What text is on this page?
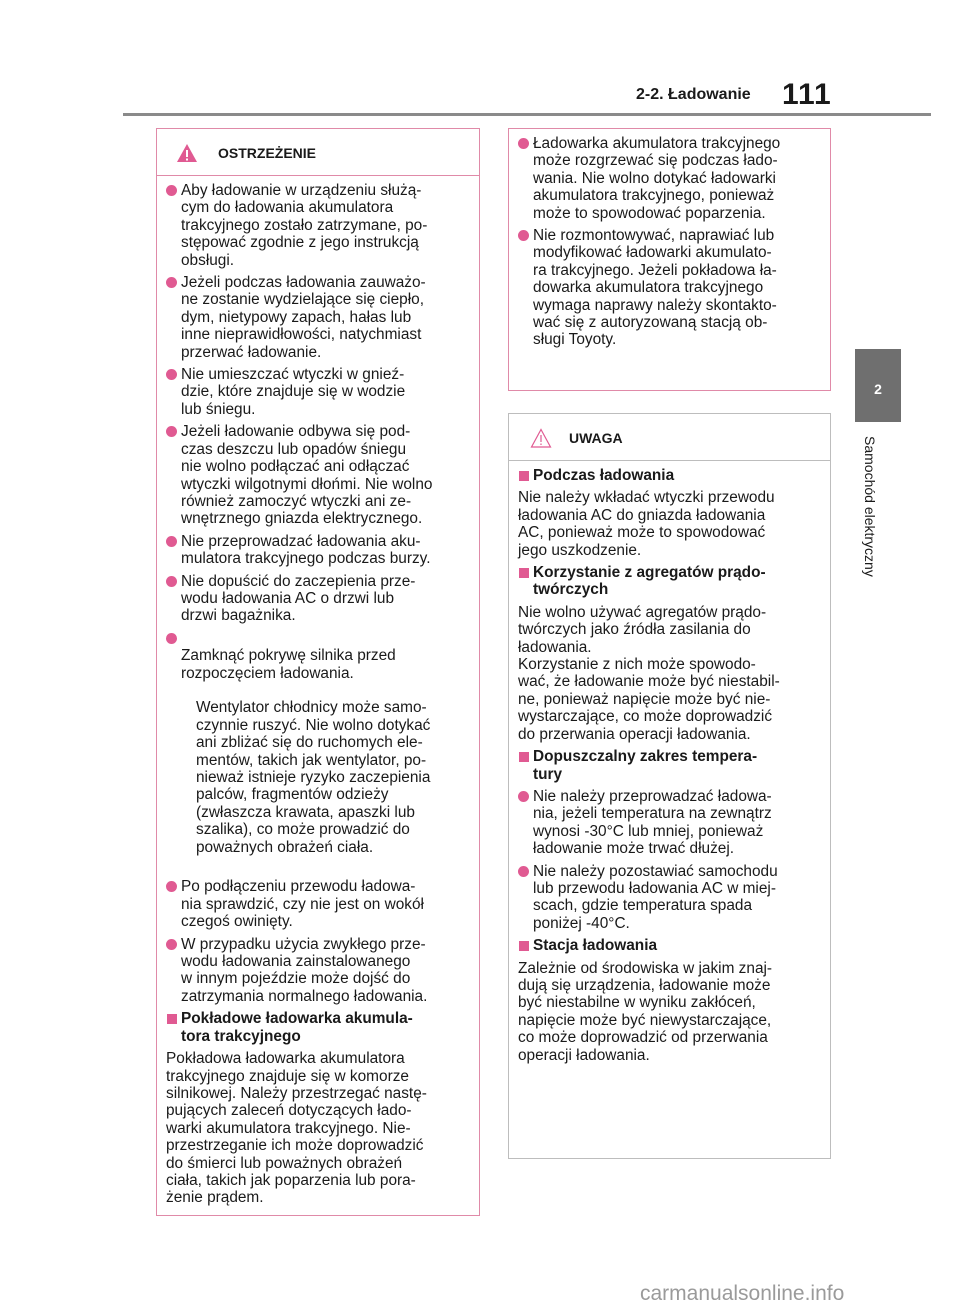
2-2. Ładowanie 111
2
Samochód elektryczny
OSTRZEŻENIE
Aby ładowanie w urządzeniu służą-
cym do ładowania akumulatora
trakcyjnego zostało zatrzymane, po-
stępować zgodnie z jego instrukcją
obsługi.
Jeżeli podczas ładowania zauważo-
ne zostanie wydzielające się ciepło,
dym, nietypowy zapach, hałas lub
inne nieprawidłowości, natychmiast
przerwać ładowanie.
Nie umieszczać wtyczki w gnieź-
dzie, które znajduje się w wodzie
lub śniegu.
Jeżeli ładowanie odbywa się pod-
czas deszczu lub opadów śniegu
nie wolno podłączać ani odłączać
wtyczki wilgotnymi dłońmi. Nie wolno
również zamoczyć wtyczki ani ze-
wnętrznego gniazda elektrycznego.
Nie przeprowadzać ładowania aku-
mulatora trakcyjnego podczas burzy.
Nie dopuścić do zaczepienia prze-
wodu ładowania AC o drzwi lub
drzwi bagażnika.

Zamknąć pokrywę silnika przed
rozpoczęciem ładowania.

Wentylator chłodnicy może samo-
czynnie ruszyć. Nie wolno dotykać
ani zbliżać się do ruchomych ele-
mentów, takich jak wentylator, po-
nieważ istnieje ryzyko zaczepienia
palców, fragmentów odzieży
(zwłaszcza krawata, apaszki lub
szalika), co może prowadzić do
poważnych obrażeń ciała.

Po podłączeniu przewodu ładowa-
nia sprawdzić, czy nie jest on wokół
czegoś owinięty.
W przypadku użycia zwykłego prze-
wodu ładowania zainstalowanego
w innym pojeździe może dojść do
zatrzymania normalnego ładowania.
Pokładowe ładowarka akumula-
tora trakcyjnego
Pokładowa ładowarka akumulatora
trakcyjnego znajduje się w komorze
silnikowej. Należy przestrzegać nastę-
pujących zaleceń dotyczących łado-
warki akumulatora trakcyjnego. Nie-
przestrzeganie ich może doprowadzić
do śmierci lub poważnych obrażeń
ciała, takich jak poparzenia lub pora-
żenie prądem.
Ładowarka akumulatora trakcyjnego
może rozgrzewać się podczas łado-
wania. Nie wolno dotykać ładowarki
akumulatora trakcyjnego, ponieważ
może to spowodować poparzenia.
Nie rozmontowywać, naprawiać lub
modyfikować ładowarki akumulato-
ra trakcyjnego. Jeżeli pokładowa ła-
dowarka akumulatora trakcyjnego
wymaga naprawy należy skontakto-
wać się z autoryzowaną stacją ob-
sługi Toyoty.
UWAGA
Podczas ładowania
Nie należy wkładać wtyczki przewodu
ładowania AC do gniazda ładowania
AC, ponieważ może to spowodować
jego uszkodzenie.
Korzystanie z agregatów prądo-
twórczych
Nie wolno używać agregatów prądo-
twórczych jako źródła zasilania do
ładowania.
Korzystanie z nich może spowodo-
wać, że ładowanie może być niestabil-
ne, ponieważ napięcie może być nie-
wystarczające, co może doprowadzić
do przerwania operacji ładowania.
Dopuszczalny zakres tempera-
tury
Nie należy przeprowadzać ładowa-
nia, jeżeli temperatura na zewnątrz
wynosi -30°C lub mniej, ponieważ
ładowanie może trwać dłużej.
Nie należy pozostawiać samochodu
lub przewodu ładowania AC w miej-
scach, gdzie temperatura spada
poniżej -40°C.
Stacja ładowania
Zależnie od środowiska w jakim znaj-
dują się urządzenia, ładowanie może
być niestabilne w wyniku zakłóceń,
napięcie może być niewystarczające,
co może doprowadzić od przerwania
operacji ładowania.
carmanualsonline.info
